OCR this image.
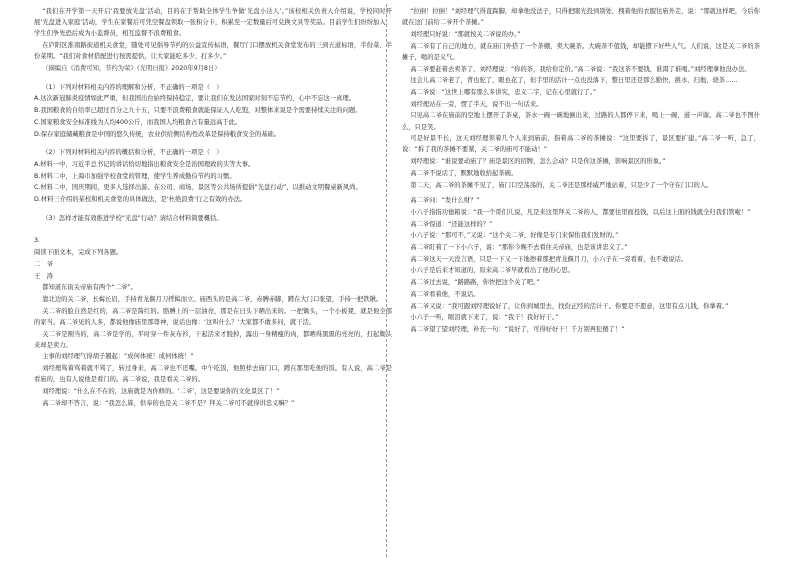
“我们在开学第一天开启‘我要放光盘’活动，目的在于帮助全体学生争做‘光盘小达人’。”该校相关负责人介绍说，学校同时开展‘光盘进入家庭’活动，学生在家餐后可凭空餐盘领取一张积分卡，积累至一定数量后可兑换文具等奖品。目前学生们纷纷加入，学生们争先恐后成为小监督员，相互监督不浪费粮食。

在庐阳区淮南路街道机关食堂，随处可见倡导节约的公益宣传标语，餐厅门口摆放机关食堂发布的三到五道标语，半份菜、半份菜期。“我们对食材搭配进行按需提供，让大家能吃多少、打多少。”

（摘编自《消费可知，节约为荣》《光明日报》2020年9月8日）

（1）下列对材料相关内容的理解和分析，不正确的一项是（　）

A.这次新冠肺炎疫情如此严重，但我国出台始终保持稳定，要让我们在发达国家时刻不忘节约、心中不忘这一真理。

B.我国粮食的自给率已超过百分之九十五，只要不浪费粮食就能保证人人吃饱，对整体来说是个需要持续关注的问题。

C.国家粮食安全标准线为人均400公斤，而我国人均粮食占有量远高于此。

D.保存家庭储藏粮食是中国的悠久传统，农业供给侧结构性改革是保持粮食安全的基础。

（2）下列对材料相关内容的概括和分析，不正确的一项是（　）

A.材料一中，习近平总书记的讲话恰切地指出粮食安全是治国理政的头等大事。

B.材料二中，上海市加强学校食堂的管理，使学生养成勤俭节约的习惯。

C.材料二中，国庆期间，更多人选择出游。在公司、商场、景区等公共场所提倡“光盘行动”，以推动文明餐桌新风尚。

D.材料三介绍的某校和机关食堂的具体做法，是‘杜绝浪费’行之有效的办法。

（3）怎样才能有效推进学校“光盘”行动？请结合材料简要概括。

3.

阅读下面文本，完成下列各题。

二　爷

王　涛

都知道东街关帝庙有两个“二爷”。

靠北边的关二爷，长髯长眉，手持青龙偃月刀捋髯而立。庙西头的是高二爷，赤膊赤脚，蹲在大门口张望，手持一把铁锹。

关二爷的脸自然是红的，高二爷是酱红的。胳膊上的一层油亮，那是在日头下晒出来的。一把锄头，一个小板凳，就是他全部的家当。高二爷见的人多，都说他像庙里那尊神，说话也像：‘这叫什么？’大家都不敢多问，就干活。

关二爷是刚当的，高二爷是学的，平时穿一件灰布衫，干起活来才脱掉，露出一身精瘦的肉，都晒得黑黑的亮亮的，打起锄头来却是卖力。

主事的刘经理气得胡子翘起：“成何体统！成何体统！”

刘经理骂着骂着就不骂了，转过身来，高二爷也不还嘴。中午吃饭，他照样去庙门口，蹲在那里吃他的饭。有人说，高二爷是看庙的，也有人说他是看门的。高二爷说，我是看关二爷的。

刘经理说：“什么在不在的，这庙就是为你修的。‘二爷’，这是要说你的文化景区了！”

高二爷却不答言，说：“我怎么算，供奉的也是关二爷不是？拜关二爷可不就得讲忠义嘛？”

“拉倒！拉倒！”刘经理气得直跺脚，却拿他没法子，只得把眼光投到别处，拽着他的衣服往庙外走，说：“那就这样吧，今后你就在这门前给二爷开个茶摊。”

刘经理只好说：“那就按关二爷说的办。”

高二爷有了自己的地方，就在庙门外搭了一个茶棚，卖大碗茶。大碗茶不值钱，却能攒下好些人气。人们说，这是关二爷的茶摊子，喝的是义气。

高二爷要赶着去卖茶了，刘经理说：“你的茶，我给你定价。”高二爷说：“我这茶不要钱，谁渴了谁喝。”刘经理拿他没办法。

这会儿高二爷老了，背也驼了，眼也花了，但手里的活计一点也没落下，整日里还是那么勤快，挑水、扫地、烧茶……

高二爷说：“这世上哪有那么多讲究，忠义二字，记在心里就行了。”

刘经理站在一旁，愣了半天，说不出一句话来。

只见高二爷在庙前的空地上摆开了茶桌，茶水一碗一碗地倒出来，过路的人都停下来，喝上一碗，道一声谢。高二爷也不图什么，只是笑。

可是好景不长，这天刘经理领着几个人来到庙前，指着高二爷的茶摊说：“这里要拆了，景区要扩建。”高二爷一听，急了，说：“拆了我的茶摊不要紧，关二爷的庙可不能动！”

刘经理说：“谁说要动庙了？庙是景区的招牌，怎么会动？只是你这茶摊，影响景区的形象。”

高二爷不说话了，默默地收拾起茶碗。

第二天，高二爷的茶摊不见了，庙门口空荡荡的，关二爷还是那样威严地站着，只是少了一个守在门口的人。

高二爷问：“发什么财？”

小六子指指功德箱说：“我一个哥们儿说，凡是来这里拜关二爷的人，都要往里面投钱，以后这上面的钱就全归我们管啦！”

高二爷惊道：“还能这样的？”

小六子说：“那可不，”又说：“这个关二爷，好像是专门来保佑我们发财的。”

高二爷盯着了一下小六子，说：“那你今晚不去看住关帝庙，也是该讲忠义了。”

高二爷这天一天没言语，只是一下又一下地擦着那把青龙偃月刀，小六子在一旁看着，也不敢说话。

小六子是后来才知道的，原来高二爷早就看出了他的心思。

高二爷过去说，“路路路，你快把这个关了吧。”

高二爷看着他，不说话。

高二爷又说：“我可跟刘经理说好了，让你到城里去，找份正经的活计干。你要是不愿意，这里有点儿钱，你拿着。”

小六子一听，眼泪就下来了，说：“我干！我好好干。”

高二爷望了望刘经理，补充一句：“说好了，可得好好干！千万别再犯傻了！”
